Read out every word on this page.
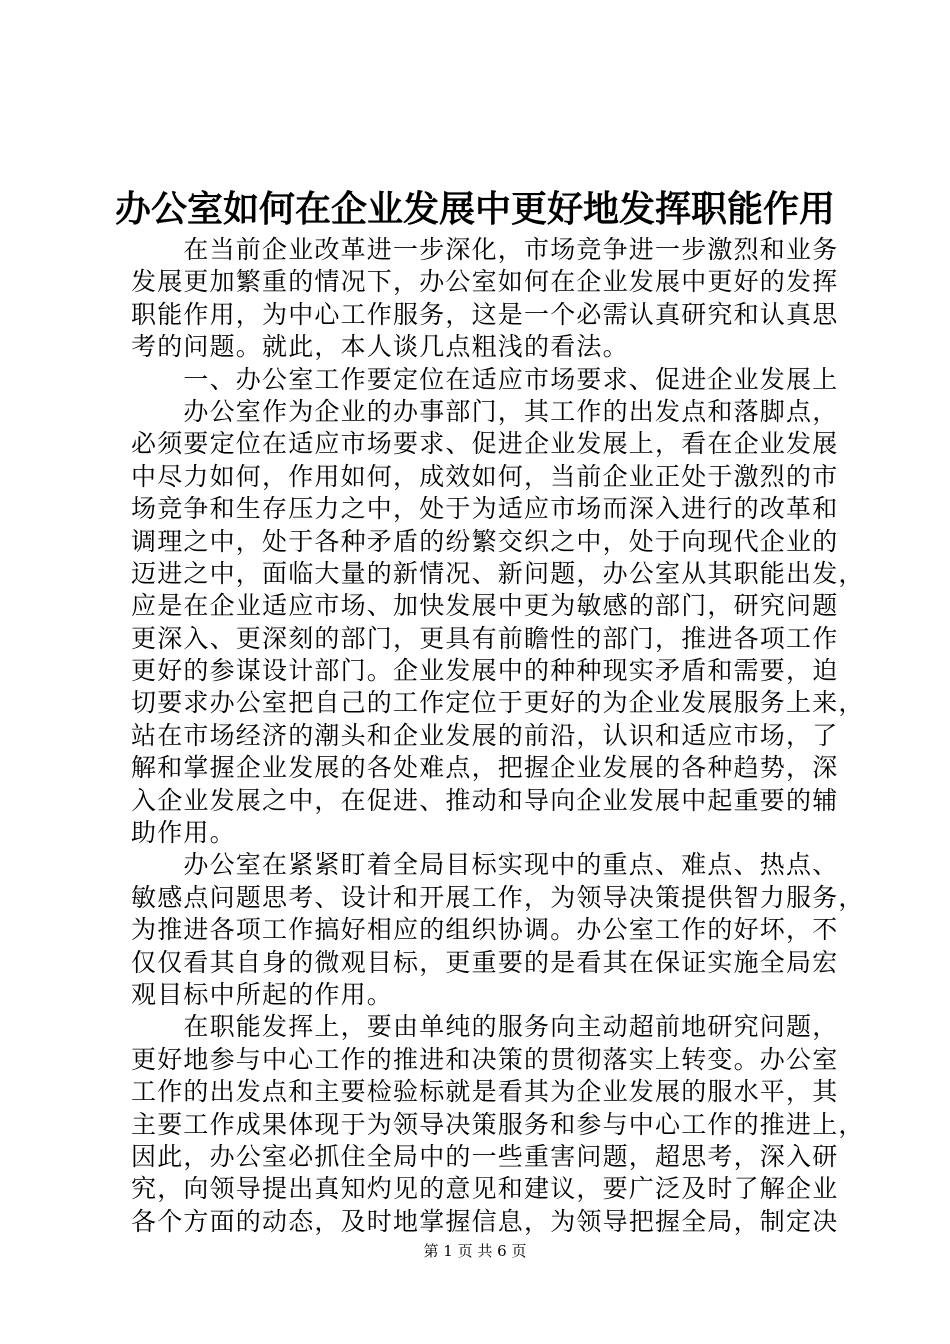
办公室如何在企业发展中更好地发挥职能作用
　　在当前企业改革进一步深化，市场竞争进一步激烈和业务
发展更加繁重的情况下，办公室如何在企业发展中更好的发挥
职能作用，为中心工作服务，这是一个必需认真研究和认真思
考的问题。就此，本人谈几点粗浅的看法。
　　一、办公室工作要定位在适应市场要求、促进企业发展上
　　办公室作为企业的办事部门，其工作的出发点和落脚点，
必须要定位在适应市场要求、促进企业发展上，看在企业发展
中尽力如何，作用如何，成效如何，当前企业正处于激烈的市
场竞争和生存压力之中，处于为适应市场而深入进行的改革和
调理之中，处于各种矛盾的纷繁交织之中，处于向现代企业的
迈进之中，面临大量的新情况、新问题，办公室从其职能出发，
应是在企业适应市场、加快发展中更为敏感的部门，研究问题
更深入、更深刻的部门，更具有前瞻性的部门，推进各项工作
更好的参谋设计部门。企业发展中的种种现实矛盾和需要，迫
切要求办公室把自己的工作定位于更好的为企业发展服务上来，
站在市场经济的潮头和企业发展的前沿，认识和适应市场，了
解和掌握企业发展的各处难点，把握企业发展的各种趋势，深
入企业发展之中，在促进、推动和导向企业发展中起重要的辅
助作用。
　　办公室在紧紧盯着全局目标实现中的重点、难点、热点、
敏感点问题思考、设计和开展工作，为领导决策提供智力服务，
为推进各项工作搞好相应的组织协调。办公室工作的好坏，不
仅仅看其自身的微观目标，更重要的是看其在保证实施全局宏
观目标中所起的作用。
　　在职能发挥上，要由单纯的服务向主动超前地研究问题，
更好地参与中心工作的推进和决策的贯彻落实上转变。办公室
工作的出发点和主要检验标就是看其为企业发展的服水平，其
主要工作成果体现于为领导决策服务和参与中心工作的推进上，
因此，办公室必抓住全局中的一些重害问题，超思考，深入研
究，向领导提出真知灼见的意见和建议，要广泛及时了解企业
各个方面的动态，及时地掌握信息，为领导把握全局，制定决
第 1 页 共 6 页
